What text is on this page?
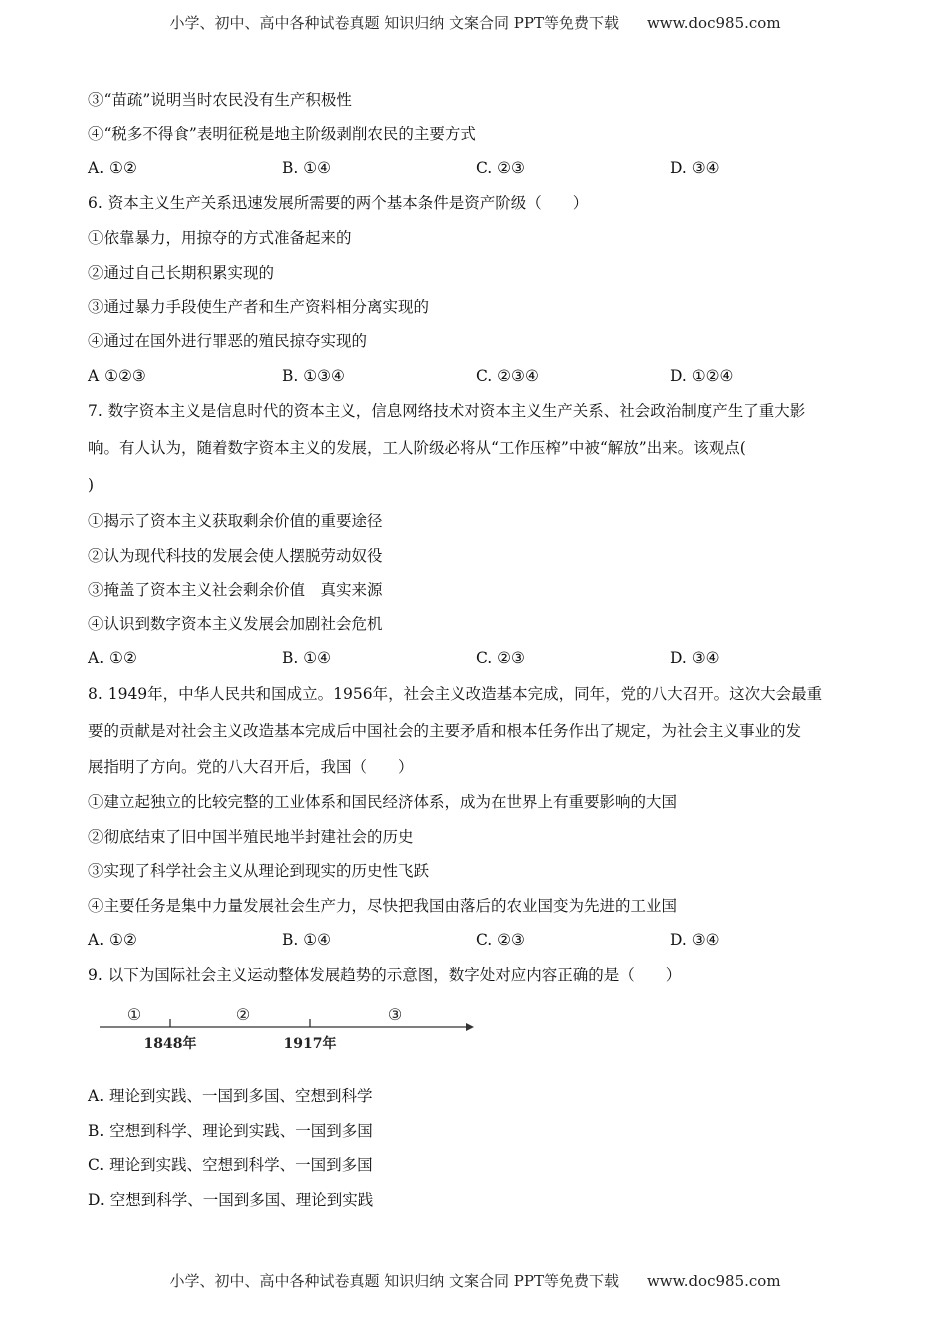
小学、初中、高中各种试卷真题 知识归纳 文案合同 PPT等免费下载 www.doc985.com
③“苗疏”说明当时农民没有生产积极性
④“税多不得食”表明征税是地主阶级剥削农民的主要方式
A. ①②	B. ①④	C. ②③	D. ③④
6. 资本主义生产关系迅速发展所需要的两个基本条件是资产阶级（　　）
①依靠暴力，用掠夺的方式准备起来的
②通过自己长期积累实现的
③通过暴力手段使生产者和生产资料相分离实现的
④通过在国外进行罪恶的殖民掠夺实现的
A ①②③	B. ①③④	C. ②③④	D. ①②④
7. 数字资本主义是信息时代的资本主义，信息网络技术对资本主义生产关系、社会政治制度产生了重大影
响。有人认为，随着数字资本主义的发展，工人阶级必将从“工作压榨”中被“解放”出来。该观点(
)
①揭示了资本主义获取剩余价值的重要途径
②认为现代科技的发展会使人摆脱劳动奴役
③掩盖了资本主义社会剩余价值　真实来源
④认识到数字资本主义发展会加剧社会危机
A. ①②	B. ①④	C. ②③	D. ③④
8. 1949年，中华人民共和国成立。1956年，社会主义改造基本完成，同年，党的八大召开。这次大会最重
要的贡献是对社会主义改造基本完成后中国社会的主要矛盾和根本任务作出了规定，为社会主义事业的发
展指明了方向。党的八大召开后，我国（　　）
①建立起独立的比较完整的工业体系和国民经济体系，成为在世界上有重要影响的大国
②彻底结束了旧中国半殖民地半封建社会的历史
③实现了科学社会主义从理论到现实的历史性飞跃
④主要任务是集中力量发展社会生产力，尽快把我国由落后的农业国变为先进的工业国
A. ①②	B. ①④	C. ②③	D. ③④
9. 以下为国际社会主义运动整体发展趋势的示意图，数字处对应内容正确的是（　　）
①	②	③
1848年	1917年
A. 理论到实践、一国到多国、空想到科学
B. 空想到科学、理论到实践、一国到多国
C. 理论到实践、空想到科学、一国到多国
D. 空想到科学、一国到多国、理论到实践
小学、初中、高中各种试卷真题 知识归纳 文案合同 PPT等免费下载 www.doc985.com
